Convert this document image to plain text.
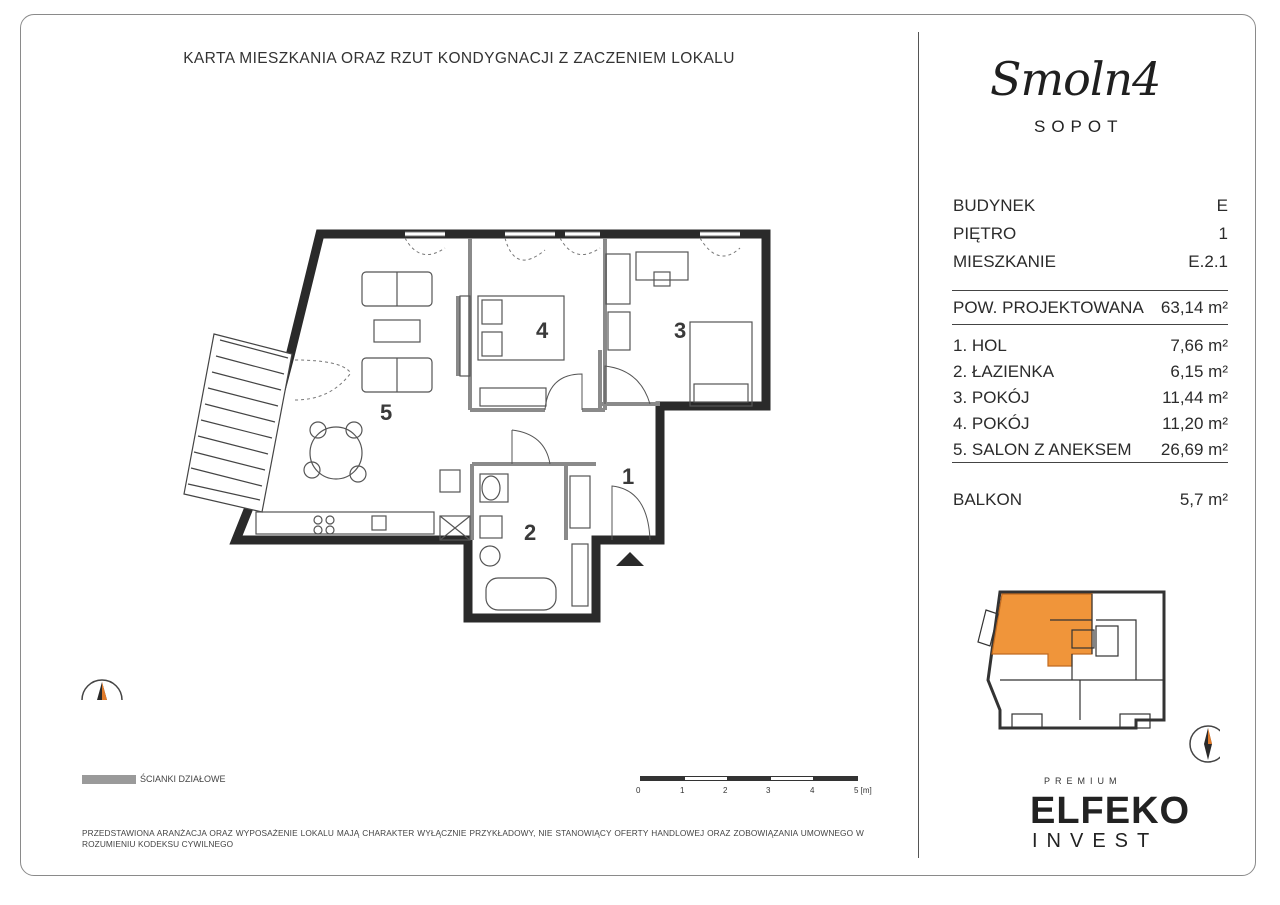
KARTA MIESZKANIA ORAZ RZUT KONDYGNACJI Z ZACZENIEM LOKALU
1
2
3
4
5
Smoln4
SOPOT
BUDYNEK	E
PIĘTRO	1
MIESZKANIE	E.2.1
POW. PROJEKTOWANA 63,14 m²
1. HOL	7,66 m²
2. ŁAZIENKA	6,15 m²
3. POKÓJ	11,44 m²
4. POKÓJ	11,20 m²
5. SALON Z ANEKSEM 26,69 m²
BALKON	5,7 m²
ŚCIANKI DZIAŁOWE
0	1	2	3	4	5 [m]
PRZEDSTAWIONA ARANŻACJA ORAZ WYPOSAŻENIE LOKALU MAJĄ CHARAKTER WYŁĄCZNIE PRZYKŁADOWY, NIE STANOWIĄCY OFERTY HANDLOWEJ ORAZ ZOBOWIĄZANIA UMOWNEGO W ROZUMIENIU KODEKSU CYWILNEGO
PREMIUM
ELFEKO
INVEST
